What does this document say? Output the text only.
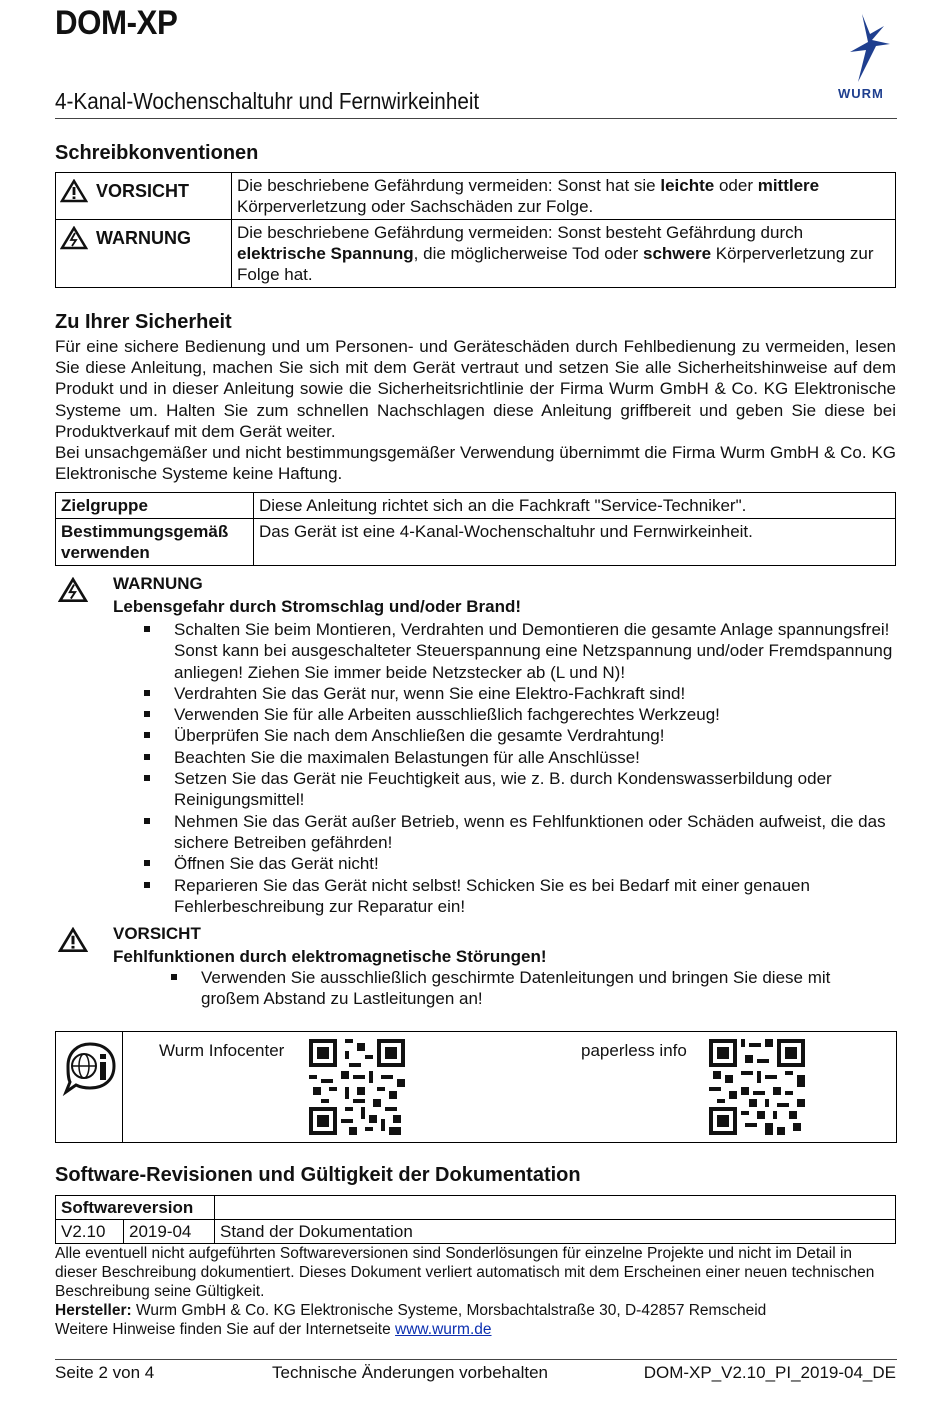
DOM-XP
4-Kanal-Wochenschaltuhr und Fernwirkeinheit	WURM
Schreibkonventionen
VORSICHT	Die beschriebene Gefährdung vermeiden: Sonst hat sie leichte oder mittlere Körperverletzung oder Sachschäden zur Folge.

WARNUNG	Die beschriebene Gefährdung vermeiden: Sonst besteht Gefährdung durch elektrische Spannung, die möglicherweise Tod oder schwere Körperverletzung zur Folge hat.
Zu Ihrer Sicherheit

Für eine sichere Bedienung und um Personen- und Geräteschäden durch Fehlbedienung zu vermeiden, lesen Sie diese Anleitung, machen Sie sich mit dem Gerät vertraut und setzen Sie alle Sicherheitshinweise auf dem Produkt und in dieser Anleitung sowie die Sicherheitsrichtlinie der Firma Wurm GmbH & Co. KG Elektronische Systeme um. Halten Sie zum schnellen Nachschlagen diese Anleitung griffbereit und geben Sie diese bei Produktverkauf mit dem Gerät weiter.

Bei unsachgemäßer und nicht bestimmungsgemäßer Verwendung übernimmt die Firma Wurm GmbH & Co. KG Elektronische Systeme keine Haftung.

Zielgruppe	Diese Anleitung richtet sich an die Fachkraft "Service-Techniker".
Bestimmungsgemäß verwenden	Das Gerät ist eine 4-Kanal-Wochenschaltuhr und Fernwirkeinheit.
WARNUNG
Lebensgefahr durch Stromschlag und/oder Brand!
Schalten Sie beim Montieren, Verdrahten und Demontieren die gesamte Anlage spannungsfrei! Sonst kann bei ausgeschalteter Steuerspannung eine Netzspannung und/oder Fremdspannung anliegen! Ziehen Sie immer beide Netzstecker ab (L und N)!
Verdrahten Sie das Gerät nur, wenn Sie eine Elektro-Fachkraft sind!
Verwenden Sie für alle Arbeiten ausschließlich fachgerechtes Werkzeug!
Überprüfen Sie nach dem Anschließen die gesamte Verdrahtung!
Beachten Sie die maximalen Belastungen für alle Anschlüsse!
Setzen Sie das Gerät nie Feuchtigkeit aus, wie z. B. durch Kondenswasserbildung oder Reinigungsmittel!
Nehmen Sie das Gerät außer Betrieb, wenn es Fehlfunktionen oder Schäden aufweist, die das sichere Betreiben gefährden!
Öffnen Sie das Gerät nicht!
Reparieren Sie das Gerät nicht selbst! Schicken Sie es bei Bedarf mit einer genauen Fehlerbeschreibung zur Reparatur ein!
VORSICHT
Fehlfunktionen durch elektromagnetische Störungen!
Verwenden Sie ausschließlich geschirmte Datenleitungen und bringen Sie diese mit großem Abstand zu Lastleitungen an!
Wurm Infocenter	paperless info
Software-Revisionen und Gültigkeit der Dokumentation
Softwareversion		
V2.10	2019-04	Stand der Dokumentation

Alle eventuell nicht aufgeführten Softwareversionen sind Sonderlösungen für einzelne Projekte und nicht im Detail in dieser Beschreibung dokumentiert. Dieses Dokument verliert automatisch mit dem Erscheinen einer neuen technischen Beschreibung seine Gültigkeit.

Hersteller: Wurm GmbH & Co. KG Elektronische Systeme, Morsbachtalstraße 30, D-42857 Remscheid

Weitere Hinweise finden Sie auf der Internetseite www.wurm.de

Seite 2 von 4	Technische Änderungen vorbehalten	DOM-XP_V2.10_PI_2019-04_DE
